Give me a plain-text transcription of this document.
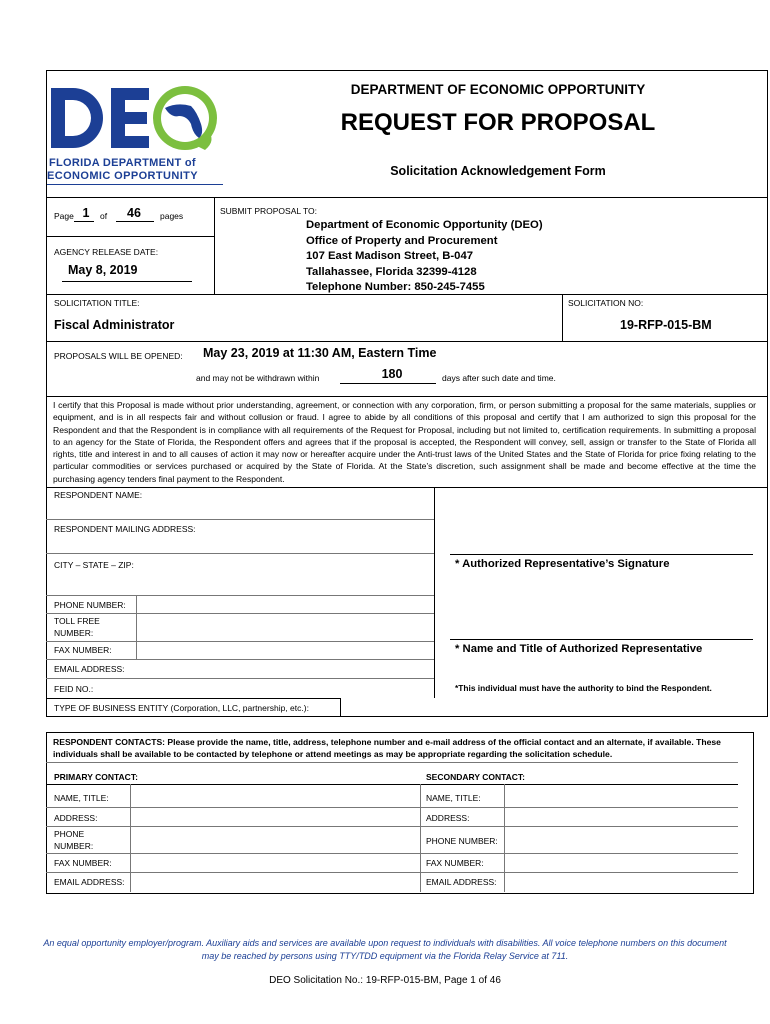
FLORIDA DEPARTMENT of
ECONOMIC OPPORTUNITY
DEPARTMENT OF ECONOMIC OPPORTUNITY
REQUEST FOR PROPOSAL
Solicitation Acknowledgement Form
Page 1	of	46	pages
AGENCY RELEASE DATE:
May 8, 2019
SUBMIT PROPOSAL TO:
Department of Economic Opportunity (DEO)
Office of Property and Procurement
107 East Madison Street, B-047
Tallahassee, Florida 32399-4128
Telephone Number: 850-245-7455
SOLICITATION TITLE:
Fiscal Administrator
SOLICITATION NO:
19-RFP-015-BM
PROPOSALS WILL BE OPENED: May 23, 2019 at 11:30 AM, Eastern Time
and may not be withdrawn within	180	days after such date and time.
I certify that this Proposal is made without prior understanding, agreement, or connection with any corporation, firm, or person submitting a proposal for the same materials, supplies or equipment, and is in all respects fair and without collusion or fraud. I agree to abide by all conditions of this proposal and certify that I am authorized to sign this proposal for the Respondent and that the Respondent is in compliance with all requirements of the Request for Proposal, including but not limited to, certification requirements. In submitting a proposal to an agency for the State of Florida, the Respondent offers and agrees that if the proposal is accepted, the Respondent will convey, sell, assign or transfer to the State of Florida all rights, title and interest in and to all causes of action it may now or hereafter acquire under the Anti-trust laws of the United States and the State of Florida for price fixing relating to the particular commodities or services purchased or acquired by the State of Florida. At the State’s discretion, such assignment shall be made and become effective at the time the purchasing agency tenders final payment to the Respondent.
RESPONDENT NAME:
RESPONDENT MAILING ADDRESS:
CITY – STATE – ZIP:
PHONE NUMBER:
TOLL FREE
NUMBER:
FAX NUMBER:
EMAIL ADDRESS:
FEID NO.:
TYPE OF BUSINESS ENTITY (Corporation, LLC, partnership, etc.):
* Authorized Representative’s Signature
* Name and Title of Authorized Representative
*This individual must have the authority to bind the Respondent.
RESPONDENT CONTACTS: Please provide the name, title, address, telephone number and e-mail address of the official contact and an alternate, if available. These individuals shall be available to be contacted by telephone or attend meetings as may be appropriate regarding the solicitation schedule.
PRIMARY CONTACT:	SECONDARY CONTACT:
NAME, TITLE:	NAME, TITLE:
ADDRESS:	ADDRESS:
PHONE
NUMBER:	PHONE NUMBER:
FAX NUMBER:	FAX NUMBER:
EMAIL ADDRESS:	EMAIL ADDRESS:
An equal opportunity employer/program. Auxiliary aids and services are available upon request to individuals with disabilities. All voice telephone numbers on this document
may be reached by persons using TTY/TDD equipment via the Florida Relay Service at 711.
DEO Solicitation No.: 19-RFP-015-BM, Page 1 of 46
